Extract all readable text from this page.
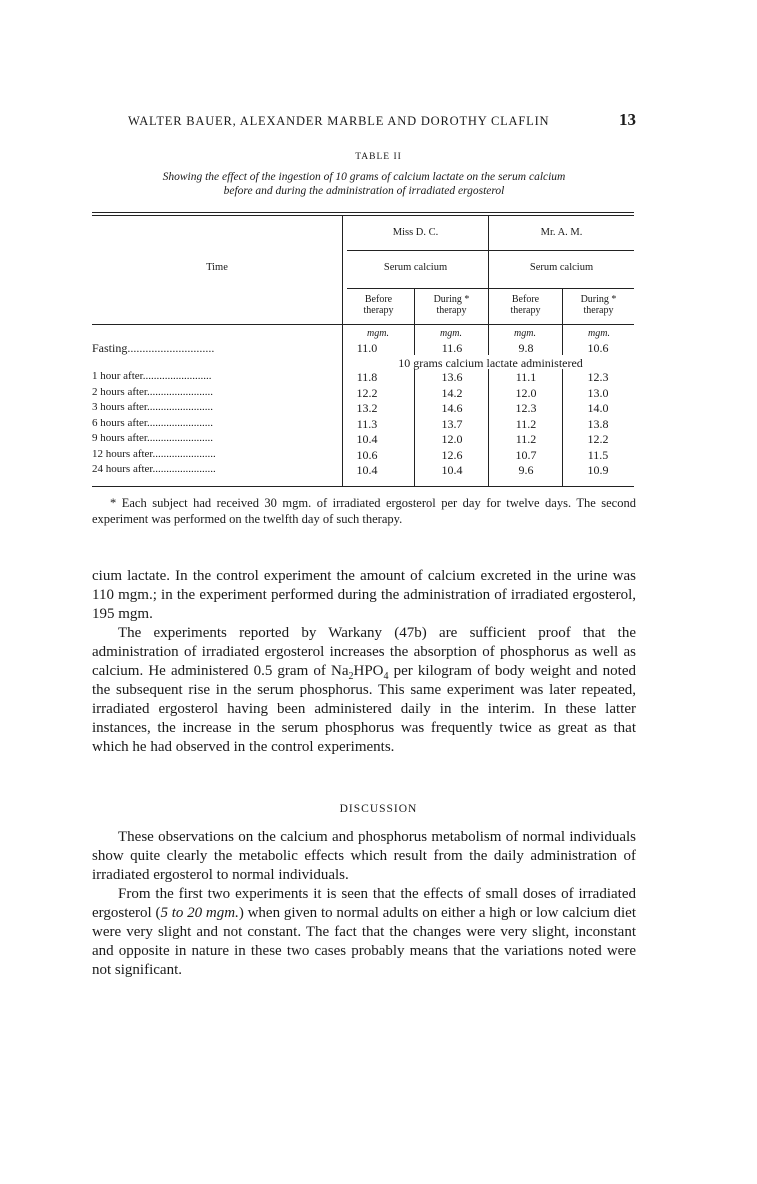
WALTER BAUER, ALEXANDER MARBLE AND DOROTHY CLAFLIN	13
TABLE II
Showing the effect of the ingestion of 10 grams of calcium lactate on the serum calcium
before and during the administration of irradiated ergosterol
Time
Miss D. C.	Mr. A. M.
Serum calcium	Serum calcium
Before
therapy
During *
therapy
Before
therapy
During *
therapy
mgm.	mgm.	mgm.	mgm.
Fasting.............................	11.0	11.6	9.8	10.6
10 grams calcium lactate administered
1 hour after.........................	11.8	13.6	11.1	12.3
2 hours after........................	12.2	14.2	12.0	13.0
3 hours after........................	13.2	14.6	12.3	14.0
6 hours after........................	11.3	13.7	11.2	13.8
9 hours after........................	10.4	12.0	11.2	12.2
12 hours after.......................	10.6	12.6	10.7	11.5
24 hours after.......................	10.4	10.4	9.6	10.9

* Each subject had received 30 mgm. of irradiated ergosterol per day for twelve days. The second experiment was performed on the twelfth day of such therapy.

cium lactate. In the control experiment the amount of calcium excreted in the urine was 110 mgm.; in the experiment performed during the administration of irradiated ergosterol, 195 mgm.

The experiments reported by Warkany (47b) are sufficient proof that the administration of irradiated ergosterol increases the absorption of phosphorus as well as calcium. He administered 0.5 gram of $Na_2HPO_4$ per kilogram of body weight and noted the subsequent rise in the serum phosphorus. This same experiment was later repeated, irradiated ergosterol having been administered daily in the interim. In these latter instances, the increase in the serum phosphorus was frequently twice as great as that which he had observed in the control experiments.

DISCUSSION

These observations on the calcium and phosphorus metabolism of normal individuals show quite clearly the metabolic effects which result from the daily administration of irradiated ergosterol to normal individuals.

From the first two experiments it is seen that the effects of small doses of irradiated ergosterol (5 to 20 mgm.) when given to normal adults on either a high or low calcium diet were very slight and not constant. The fact that the changes were very slight, inconstant and opposite in nature in these two cases probably means that the variations noted were not significant.
